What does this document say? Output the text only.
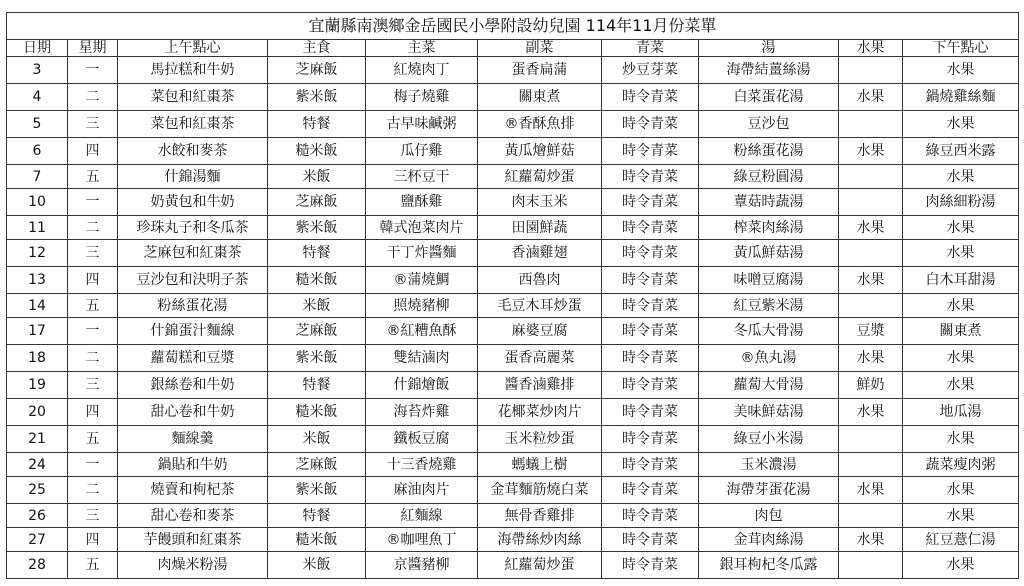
宜蘭縣南澳鄉金岳國民小學附設幼兒園 114年11月份菜單									
日期	星期	上午點心	主食	主菜	副菜	青菜	湯	水果	下午點心
3	一	馬拉糕和牛奶	芝麻飯	紅燒肉丁	蛋香扁蒲	炒豆芽菜	海帶結薑絲湯		水果
4	二	菜包和紅棗茶	紫米飯	梅子燒雞	關東煮	時令青菜	白菜蛋花湯	水果	鍋燒雞絲麵
5	三	菜包和紅棗茶	特餐	古早味鹹粥	®香酥魚排	時令青菜	豆沙包		水果
6	四	水餃和麥茶	糙米飯	瓜仔雞	黃瓜燴鮮菇	時令青菜	粉絲蛋花湯	水果	綠豆西米露
7	五	什錦湯麵	米飯	三杯豆干	紅蘿蔔炒蛋	時令青菜	綠豆粉圓湯		水果
10	一	奶黃包和牛奶	芝麻飯	鹽酥雞	肉末玉米	時令青菜	蕈菇時蔬湯		肉絲細粉湯
11	二	珍珠丸子和冬瓜茶	紫米飯	韓式泡菜肉片	田園鮮蔬	時令青菜	榨菜肉絲湯	水果	水果
12	三	芝麻包和紅棗茶	特餐	干丁炸醬麵	香滷雞翅	時令青菜	黃瓜鮮菇湯		水果
13	四	豆沙包和決明子茶	糙米飯	®蒲燒鯛	西魯肉	時令青菜	味噌豆腐湯	水果	白木耳甜湯
14	五	粉絲蛋花湯	米飯	照燒豬柳	毛豆木耳炒蛋	時令青菜	紅豆紫米湯		水果
17	一	什錦蛋汁麵線	芝麻飯	®紅糟魚酥	麻婆豆腐	時令青菜	冬瓜大骨湯	豆漿	關東煮
18	二	蘿蔔糕和豆漿	紫米飯	雙結滷肉	蛋香高麗菜	時令青菜	®魚丸湯	水果	水果
19	三	銀絲卷和牛奶	特餐	什錦燴飯	醬香滷雞排	時令青菜	蘿蔔大骨湯	鮮奶	水果
20	四	甜心卷和牛奶	糙米飯	海苔炸雞	花椰菜炒肉片	時令青菜	美味鮮菇湯	水果	地瓜湯
21	五	麵線羹	米飯	鐵板豆腐	玉米粒炒蛋	時令青菜	綠豆小米湯		水果
24	一	鍋貼和牛奶	芝麻飯	十三香燒雞	螞蟻上樹	時令青菜	玉米濃湯		蔬菜瘦肉粥
25	二	燒賣和枸杞茶	紫米飯	麻油肉片	金茸麵筋燒白菜	時令青菜	海帶芽蛋花湯	水果	水果
26	三	甜心卷和麥茶	特餐	紅麵線	無骨香雞排	時令青菜	肉包		水果
27	四	芋饅頭和紅棗茶	糙米飯	®咖哩魚丁	海帶絲炒肉絲	時令青菜	金茸肉絲湯	水果	紅豆薏仁湯
28	五	肉燥米粉湯	米飯	京醬豬柳	紅蘿蔔炒蛋	時令青菜	銀耳枸杞冬瓜露		水果
